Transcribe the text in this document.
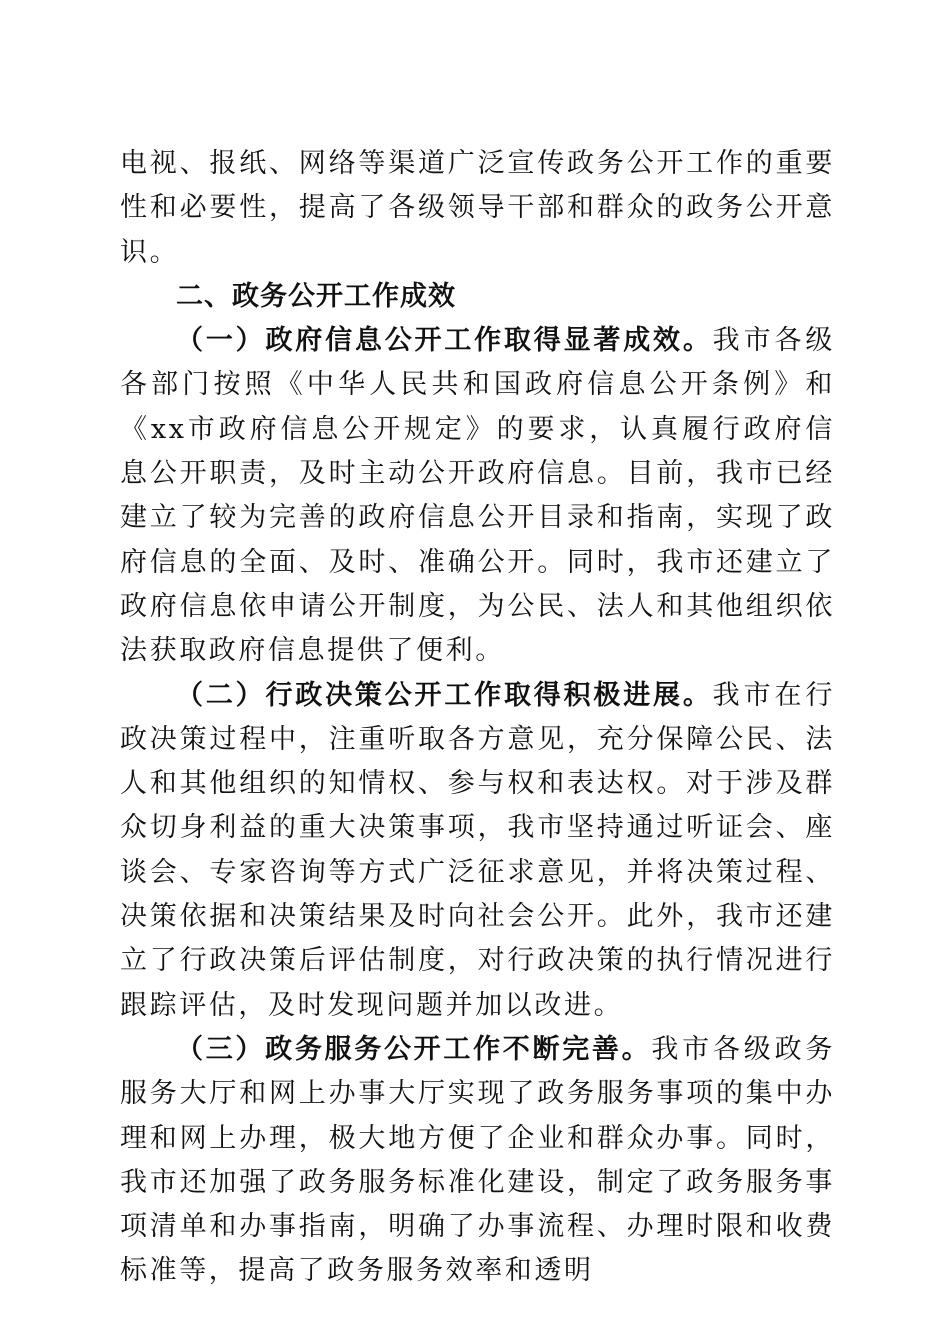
电视、报纸、网络等渠道广泛宣传政务公开工作的重要性和必要性，提高了各级领导干部和群众的政务公开意识。

二、政务公开工作成效

（一）政府信息公开工作取得显著成效。我市各级各部门按照《中华人民共和国政府信息公开条例》和《xx市政府信息公开规定》的要求，认真履行政府信息公开职责，及时主动公开政府信息。目前，我市已经建立了较为完善的政府信息公开目录和指南，实现了政府信息的全面、及时、准确公开。同时，我市还建立了政府信息依申请公开制度，为公民、法人和其他组织依法获取政府信息提供了便利。

（二）行政决策公开工作取得积极进展。我市在行政决策过程中，注重听取各方意见，充分保障公民、法人和其他组织的知情权、参与权和表达权。对于涉及群众切身利益的重大决策事项，我市坚持通过听证会、座谈会、专家咨询等方式广泛征求意见，并将决策过程、决策依据和决策结果及时向社会公开。此外，我市还建立了行政决策后评估制度，对行政决策的执行情况进行跟踪评估，及时发现问题并加以改进。

（三）政务服务公开工作不断完善。我市各级政务服务大厅和网上办事大厅实现了政务服务事项的集中办理和网上办理，极大地方便了企业和群众办事。同时，我市还加强了政务服务标准化建设，制定了政务服务事项清单和办事指南，明确了办事流程、办理时限和收费标准等，提高了政务服务效率和透明
